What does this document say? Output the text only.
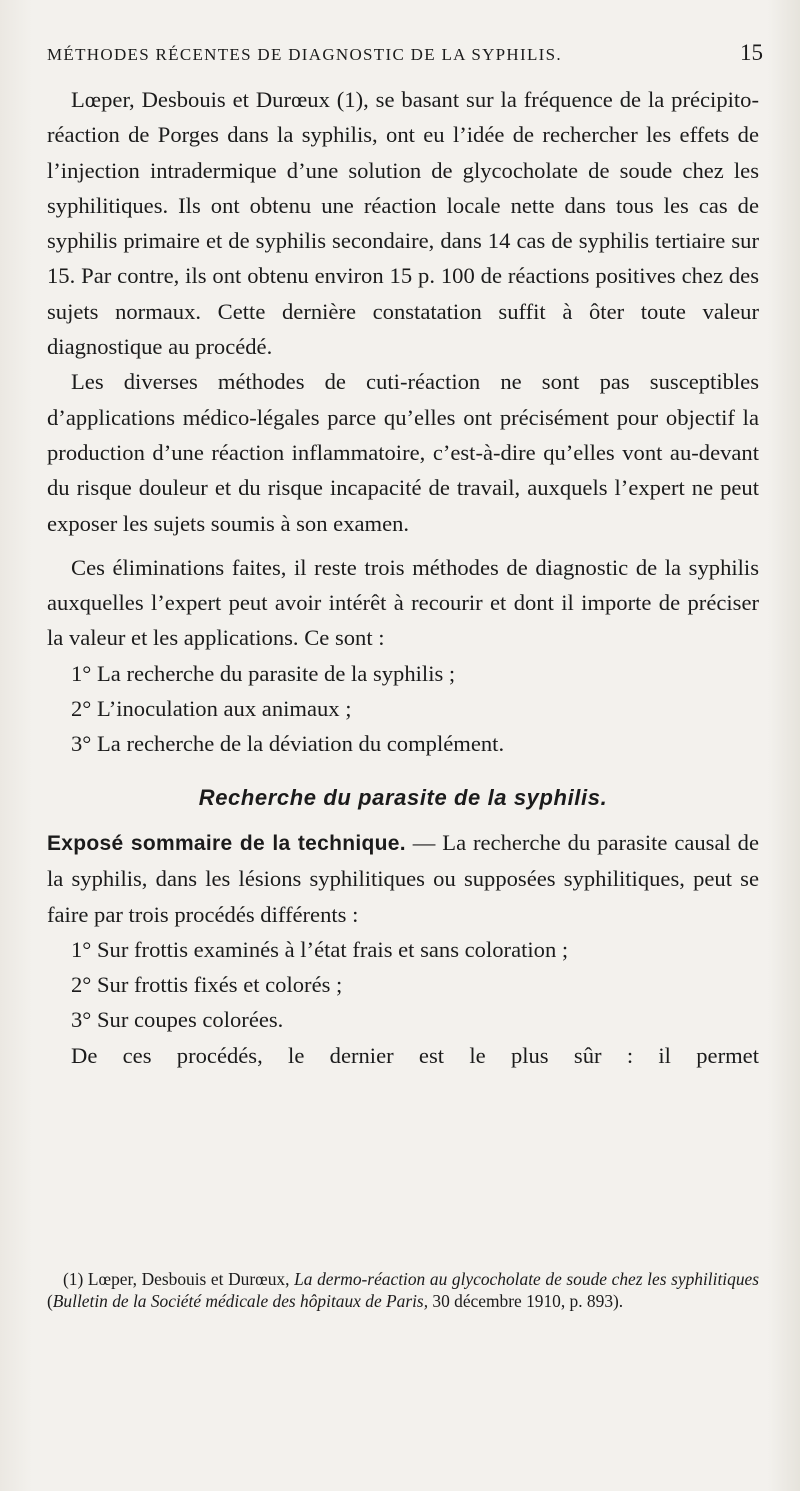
MÉTHODES RÉCENTES DE DIAGNOSTIC DE LA SYPHILIS.	15

Lœper, Desbouis et Durœux (1), se basant sur la fréquence de la précipito-réaction de Porges dans la syphilis, ont eu l’idée de rechercher les effets de l’injection intradermique d’une solution de glycocholate de soude chez les syphilitiques. Ils ont obtenu une réaction locale nette dans tous les cas de syphilis primaire et de syphilis secondaire, dans 14 cas de syphilis tertiaire sur 15. Par contre, ils ont obtenu environ 15 p. 100 de réactions positives chez des sujets normaux. Cette dernière constatation suffit à ôter toute valeur diagnostique au procédé.

Les diverses méthodes de cuti-réaction ne sont pas susceptibles d’applications médico-légales parce qu’elles ont précisément pour objectif la production d’une réaction inflammatoire, c’est-à-dire qu’elles vont au-devant du risque douleur et du risque incapacité de travail, auxquels l’expert ne peut exposer les sujets soumis à son examen.

Ces éliminations faites, il reste trois méthodes de diagnostic de la syphilis auxquelles l’expert peut avoir intérêt à recourir et dont il importe de préciser la valeur et les applications. Ce sont :

1° La recherche du parasite de la syphilis ;

2° L’inoculation aux animaux ;

3° La recherche de la déviation du complément.

Recherche du parasite de la syphilis.

Exposé sommaire de la technique. — La recherche du parasite causal de la syphilis, dans les lésions syphilitiques ou supposées syphilitiques, peut se faire par trois procédés différents :

1° Sur frottis examinés à l’état frais et sans coloration ;

2° Sur frottis fixés et colorés ;

3° Sur coupes colorées.

De ces procédés, le dernier est le plus sûr : il permet

(1) Lœper, Desbouis et Durœux, La dermo-réaction au glycocholate de soude chez les syphilitiques (Bulletin de la Société médicale des hôpitaux de Paris, 30 décembre 1910, p. 893).
